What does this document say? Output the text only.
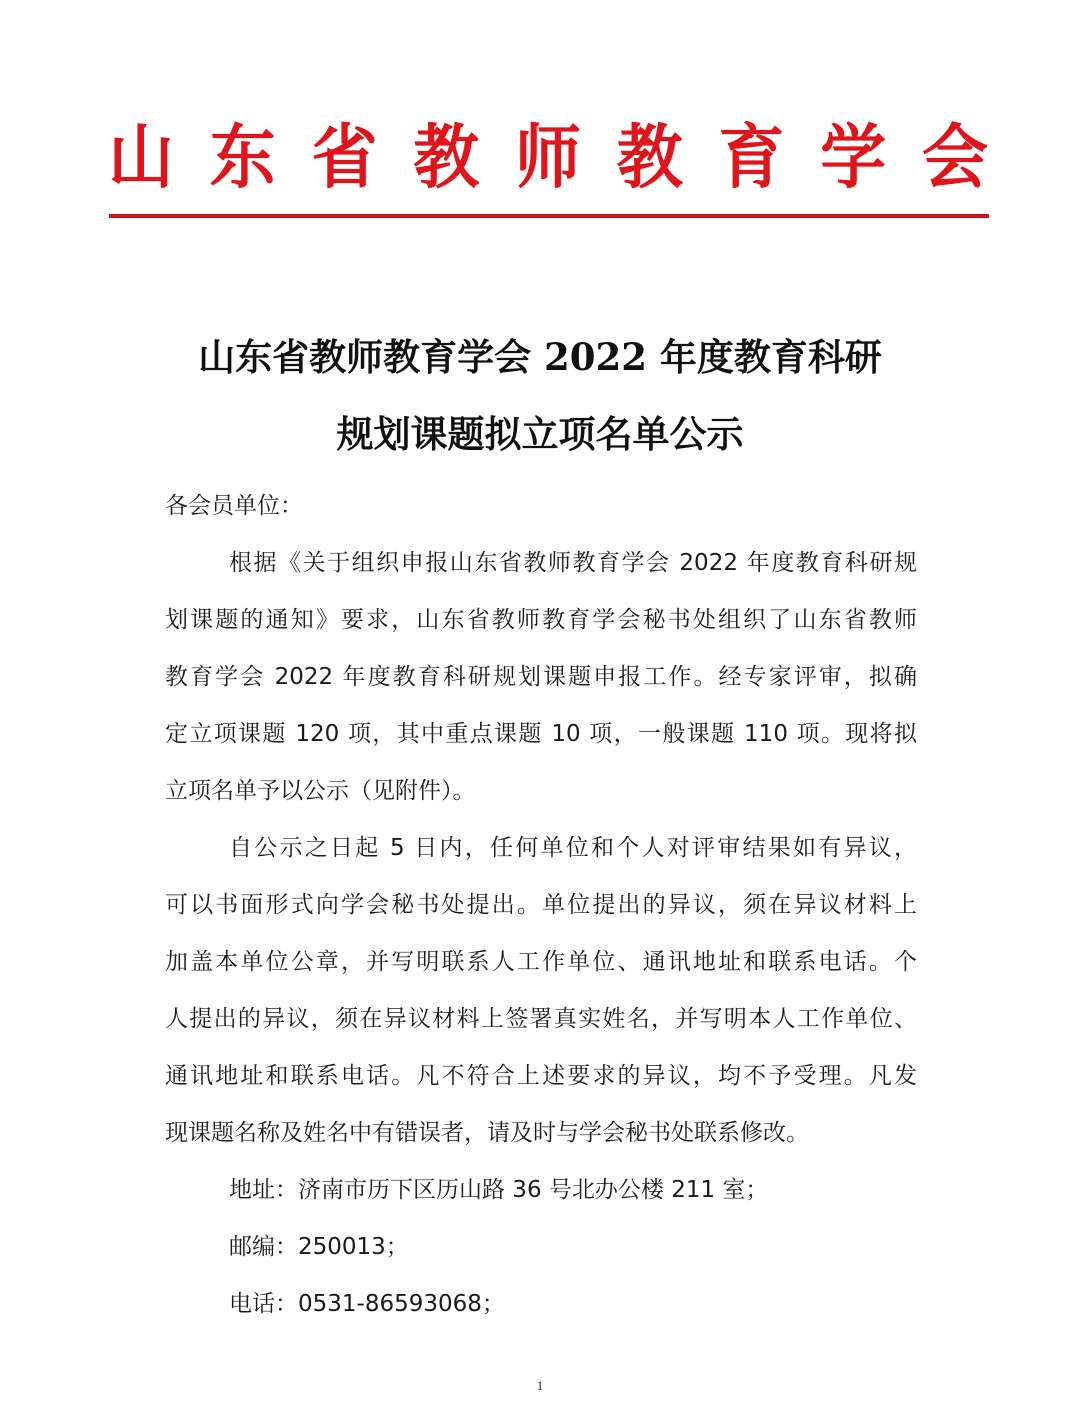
山 东 省 教 师 教 育 学 会
山东省教师教育学会 2022 年度教育科研
规划课题拟立项名单公示
各会员单位：
根据《关于组织申报山东省教师教育学会 2022 年度教育科研规
划课题的通知》要求，山东省教师教育学会秘书处组织了山东省教师
教育学会 2022 年度教育科研规划课题申报工作。经专家评审，拟确
定立项课题 120 项，其中重点课题 10 项，一般课题 110 项。现将拟
立项名单予以公示（见附件）。
自公示之日起 5 日内，任何单位和个人对评审结果如有异议，
可以书面形式向学会秘书处提出。单位提出的异议，须在异议材料上
加盖本单位公章，并写明联系人工作单位、通讯地址和联系电话。个
人提出的异议，须在异议材料上签署真实姓名，并写明本人工作单位、
通讯地址和联系电话。凡不符合上述要求的异议，均不予受理。凡发
现课题名称及姓名中有错误者，请及时与学会秘书处联系修改。
地址：济南市历下区历山路 36 号北办公楼 211 室；
邮编：250013；
电话：0531-86593068；
1
